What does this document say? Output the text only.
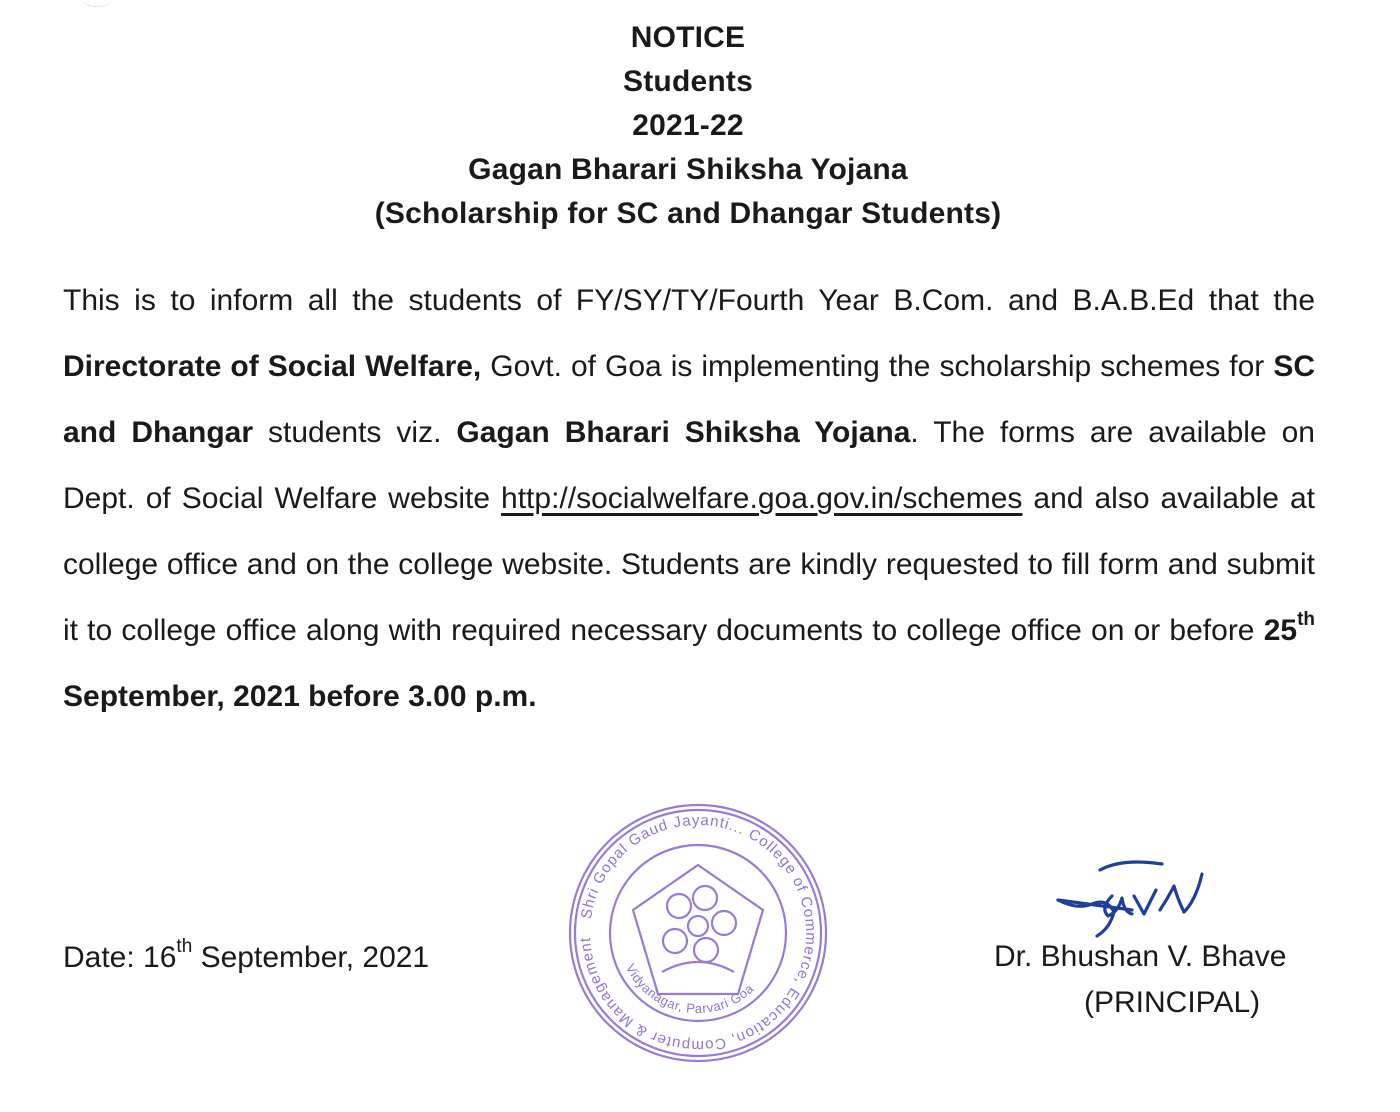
NOTICE
Students
2021-22
Gagan Bharari Shiksha Yojana
(Scholarship for SC and Dhangar Students)
This is to inform all the students of FY/SY/TY/Fourth Year B.Com. and B.A.B.Ed that the Directorate of Social Welfare, Govt. of Goa is implementing the scholarship schemes for SC and Dhangar students viz. Gagan Bharari Shiksha Yojana. The forms are available on Dept. of Social Welfare website http://socialwelfare.goa.gov.in/schemes and also available at college office and on the college website. Students are kindly requested to fill form and submit it to college office along with required necessary documents to college office on or before 25th September, 2021 before 3.00 p.m.
Date: 16th September, 2021
Shri Gopal Gaud Jayanti... College of Commerce, Education, Computer & Management
Vidyanagar, Parvari Goa
Dr. Bhushan V. Bhave
(PRINCIPAL)
